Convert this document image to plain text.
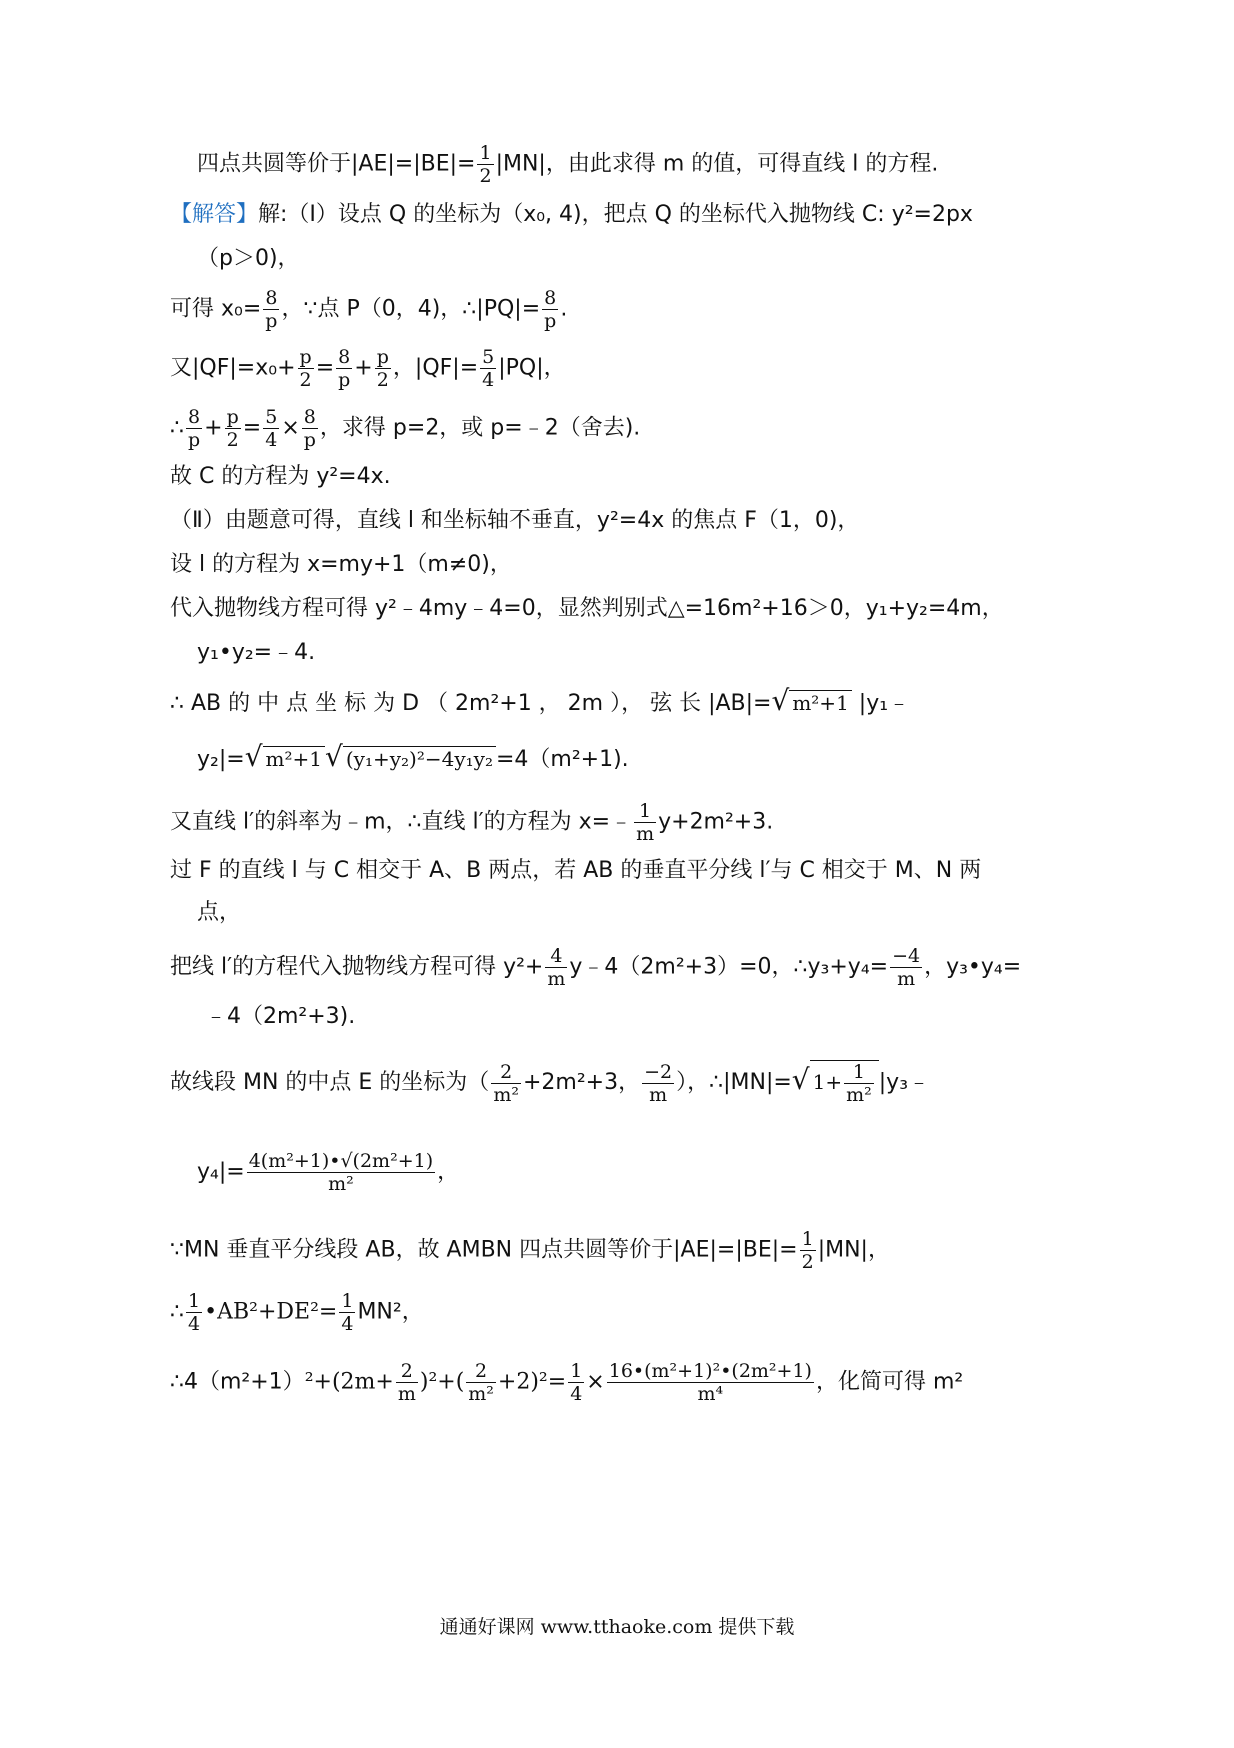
四点共圆等价于$|AE|=|BE|= \frac{1}{2} |MN|$，由此求得 m 的值，可得直线 l 的方程.
【解答】解:（Ⅰ）设点 Q 的坐标为（x₀, 4)，把点 Q 的坐标代入抛物线 C: y²=2px
（p＞0)，
可得 $x_0= \frac{8}{p}$ ，∵点 P（0，4)，∴|PQ|= $\frac{8}{p}$ .
又$|QF|=x_0+ \frac{p}{2} = \frac{8}{p} + \frac{p}{2}$ ，$|QF|= \frac{5}{4} |PQ|$，
∴ $\frac{8}{p} + \frac{p}{2} = \frac{5}{4} \times \frac{8}{p}$ ，求得 p=2，或 p=﹣2（舍去).
故 C 的方程为 y²=4x.
（Ⅱ）由题意可得，直线 l 和坐标轴不垂直，y²=4x 的焦点 F（1，0)，
设 l 的方程为 x=my+1（m≠0)，
代入抛物线方程可得 y²﹣4my﹣4=0，显然判别式△=16m²+16＞0，y₁+y₂=4m，
y₁•y₂=﹣4.
∴ AB 的 中 点 坐 标 为 D （ 2m²+1 ， 2m ）， 弦 长 |AB|=√ m²+1 |y₁﹣
y₂|=√ m²+1 √ (y₁+y₂)²−4y₁y₂ =4（m²+1).
又直线 l′的斜率为﹣m，∴直线 l′的方程为 x=﹣ $\frac{1}{m} y+2m^2+3$.
过 F 的直线 l 与 C 相交于 A、B 两点，若 AB 的垂直平分线 l′与 C 相交于 M、N 两
点，
把线 l′的方程代入抛物线方程可得 $y^2+ \frac{4}{m}$ y﹣4（2m²+3）=0，∴y₃+y₄= $\frac{-4}{m}$ ，y₃•y₄=
﹣4（2m²+3).
故线段 MN 的中点 E 的坐标为（ $\frac{2}{\text{m²}} +2m^2+3$， $\frac{-2}{m}$ ），∴|MN|=√ $1+ \frac{1}{\text{m²}}$ |y₃﹣
$y_4|= \frac{\text{4(m²+1)•√(2m²+1)}}{\text{m²}}$ ，
∵MN 垂直平分线段 AB，故 AMBN 四点共圆等价于$|AE|=|BE|= \frac{1}{2} |MN|$，
∴ $\frac{1}{4}$ •AB²+DE²= $\frac{1}{4} MN^2$，
∴4（m²+1）²+(2m+ $\frac{2}{m} )^2+( \frac{2}{\text{m²}} +2)^2= \frac{1}{4} \times \frac{\text{16•(m²+1)²•(2m²+1)}}{\text{m⁴}}$ ，化简可得 m²
通通好课网 www.tthaoke.com 提供下载
